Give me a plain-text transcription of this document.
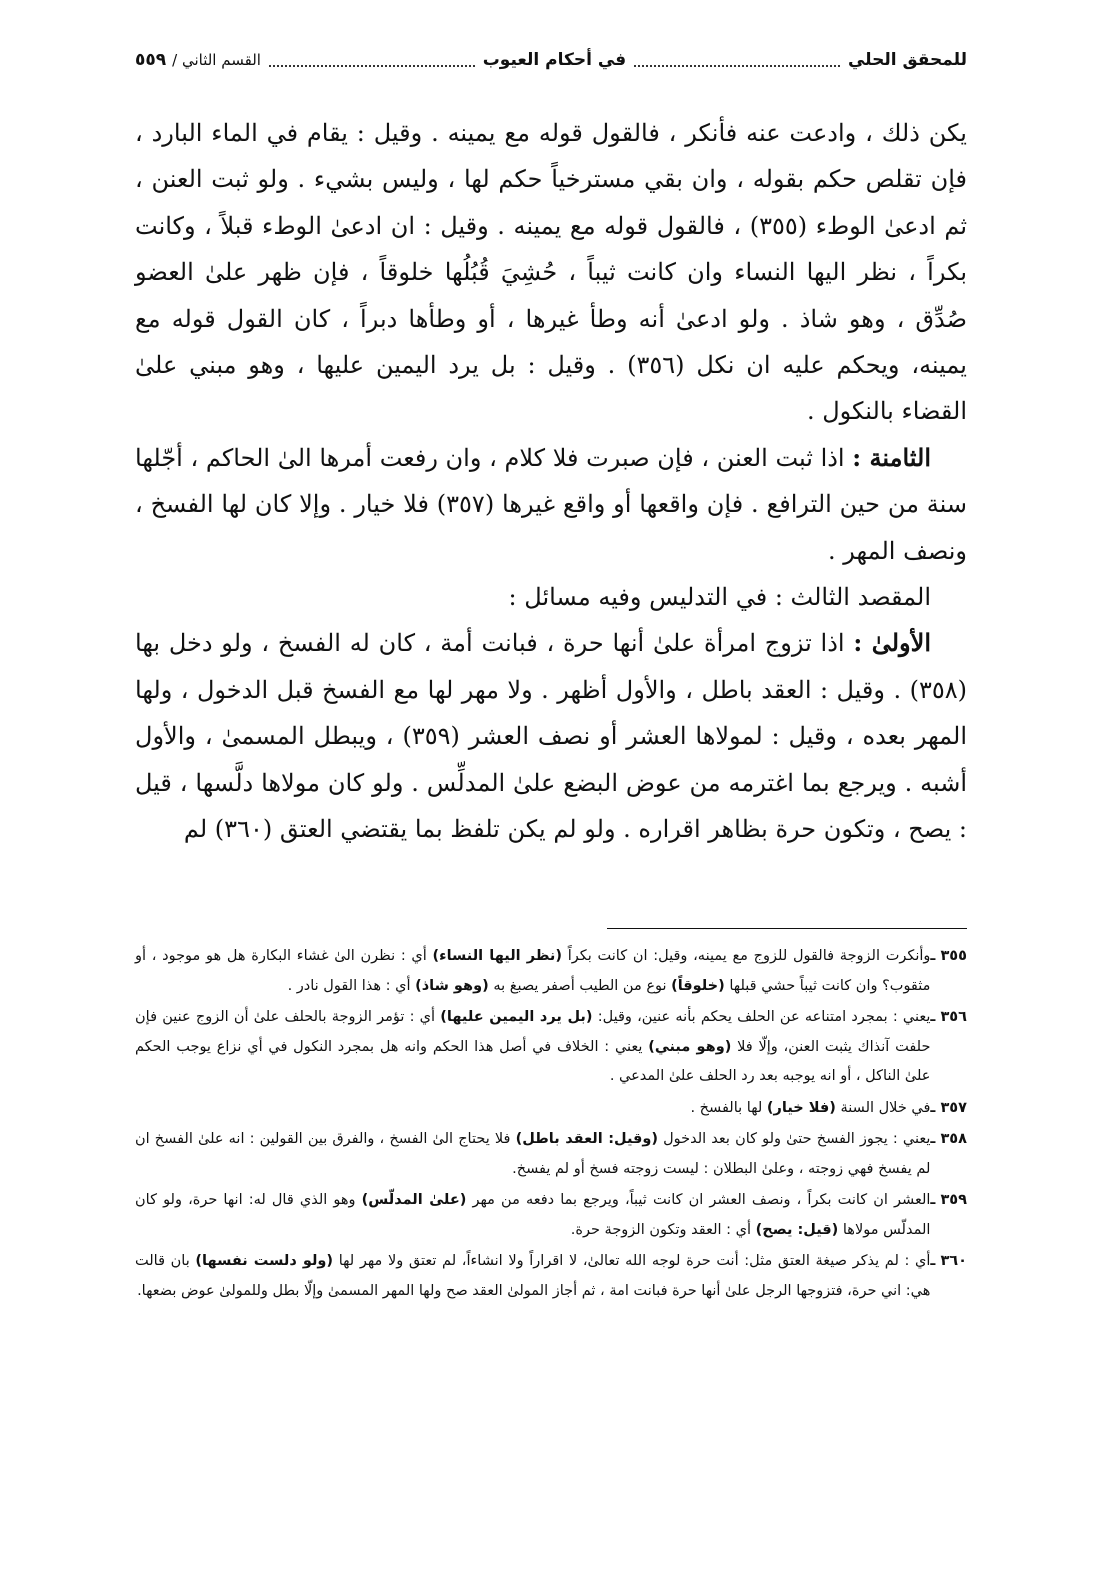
للمحقق الحلي
في أحكام العيوب
القسم الثاني /
٥٥٩

يكن ذلك ، وادعت عنه فأنكر ، فالقول قوله مع يمينه . وقيل : يقام في الماء البارد ، فإن تقلص حكم بقوله ، وان بقي مسترخياً حكم لها ، وليس بشيء . ولو ثبت العنن ، ثم ادعىٰ الوطء (٣٥٥) ، فالقول قوله مع يمينه . وقيل : ان ادعىٰ الوطء قبلاً ، وكانت بكراً ، نظر اليها النساء وان كانت ثيباً ، حُشِيَ قُبُلُها خلوقاً ، فإن ظهر علىٰ العضو صُدِّق ، وهو شاذ . ولو ادعىٰ أنه وطأ غيرها ، أو وطأها دبراً ، كان القول قوله مع يمينه، ويحكم عليه ان نكل (٣٥٦) . وقيل : بل يرد اليمين عليها ، وهو مبني علىٰ القضاء بالنكول .

الثامنة : اذا ثبت العنن ، فإن صبرت فلا كلام ، وان رفعت أمرها الىٰ الحاكم ، أجّلها سنة من حين الترافع . فإن واقعها أو واقع غيرها (٣٥٧) فلا خيار . وإلا كان لها الفسخ ، ونصف المهر .

المقصد الثالث : في التدليس وفيه مسائل :

الأولىٰ : اذا تزوج امرأة علىٰ أنها حرة ، فبانت أمة ، كان له الفسخ ، ولو دخل بها (٣٥٨) . وقيل : العقد باطل ، والأول أظهر . ولا مهر لها مع الفسخ قبل الدخول ، ولها المهر بعده ، وقيل : لمولاها العشر أو نصف العشر (٣٥٩) ، ويبطل المسمىٰ ، والأول أشبه . ويرجع بما اغترمه من عوض البضع علىٰ المدلِّس . ولو كان مولاها دلَّسها ، قيل : يصح ، وتكون حرة بظاهر اقراره . ولو لم يكن تلفظ بما يقتضي العتق (٣٦٠) لم

٣٥٥ ـ
وأنكرت الزوجة فالقول للزوج مع يمينه، وقيل: ان كانت بكراً (نظر اليها النساء) أي : نظرن الىٰ غشاء البكارة هل هو موجود ، أو مثقوب؟ وان كانت ثيباً حشي قبلها (خلوقاً) نوع من الطيب أصفر يصبغ به (وهو شاذ) أي : هذا القول نادر .
٣٥٦ ـ
يعني : بمجرد امتناعه عن الحلف يحكم بأنه عنين، وقيل: (بل يرد اليمين عليها) أي : تؤمر الزوجة بالحلف علىٰ أن الزوج عنين فإن حلفت آنذاك يثبت العنن، وإلّا فلا (وهو مبني) يعني : الخلاف في أصل هذا الحكم وانه هل بمجرد النكول في أي نزاع يوجب الحكم علىٰ الناكل ، أو انه يوجبه بعد رد الحلف علىٰ المدعي .
٣٥٧ ـ
في خلال السنة (فلا خيار) لها بالفسخ .
٣٥٨ ـ
يعني : يجوز الفسخ حتىٰ ولو كان بعد الدخول (وقيل: العقد باطل) فلا يحتاج الىٰ الفسخ ، والفرق بين القولين : انه علىٰ الفسخ ان لم يفسخ فهي زوجته ، وعلىٰ البطلان : ليست زوجته فسخ أو لم يفسخ.
٣٥٩ ـ
العشر ان كانت بكراً ، ونصف العشر ان كانت ثيباً، ويرجع بما دفعه من مهر (علىٰ المدلّس) وهو الذي قال له: انها حرة، ولو كان المدلّس مولاها (قيل: يصح) أي : العقد وتكون الزوجة حرة.
٣٦٠ ـ
أي : لم يذكر صيغة العتق مثل: أنت حرة لوجه الله تعالىٰ، لا اقراراً ولا انشاءاً، لم تعتق ولا مهر لها (ولو دلست نفسها) بان قالت هي: اني حرة، فتزوجها الرجل علىٰ أنها حرة فبانت امة ، ثم أجاز المولىٰ العقد صح ولها المهر المسمىٰ وإلّا بطل وللمولىٰ عوض بضعها.
